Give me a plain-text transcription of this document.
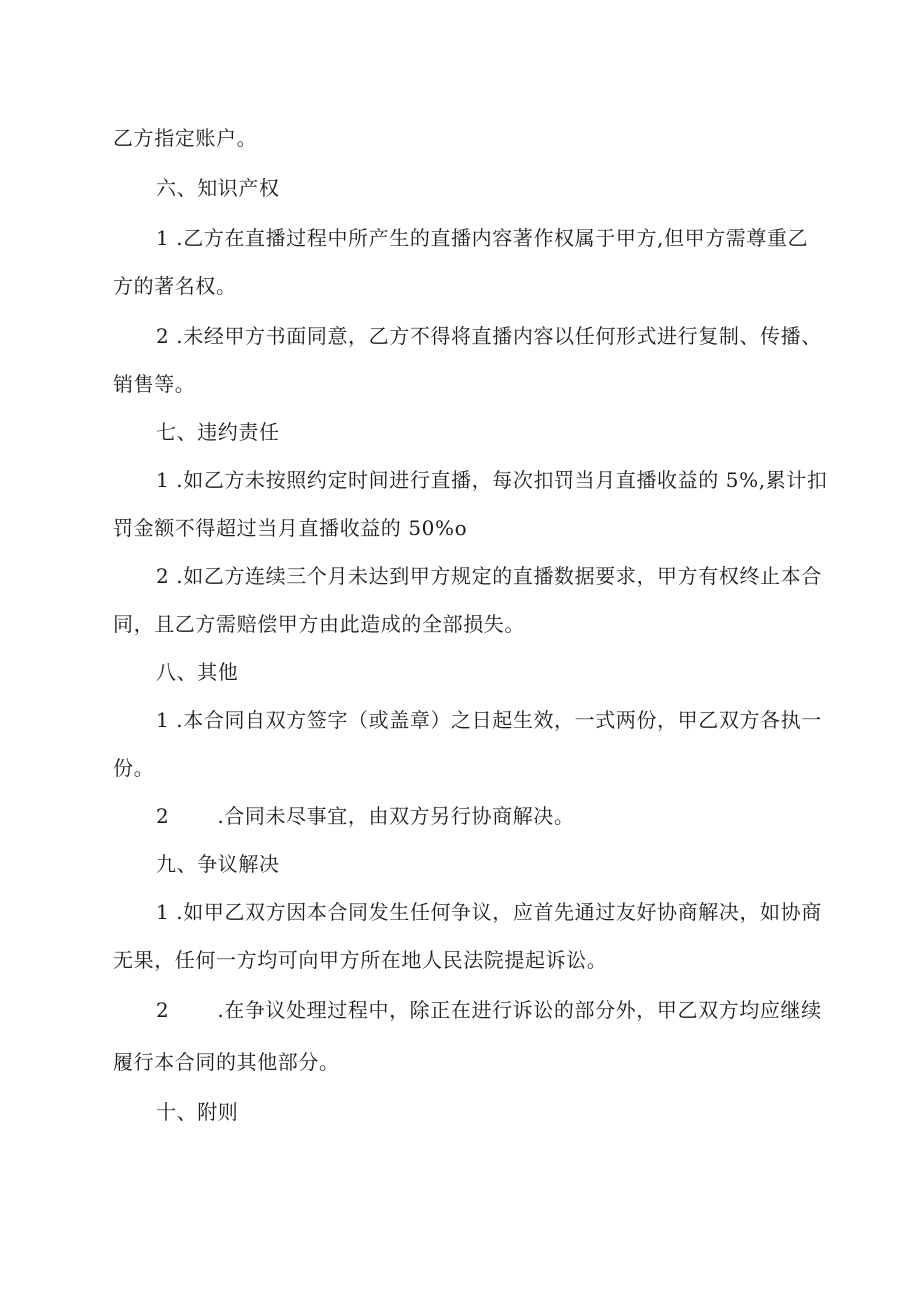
乙方指定账户。
六、知识产权
1 .乙方在直播过程中所产生的直播内容著作权属于甲方,但甲方需尊重乙
方的著名权。
2 .未经甲方书面同意，乙方不得将直播内容以任何形式进行复制、传播、
销售等。
七、违约责任
1 .如乙方未按照约定时间进行直播，每次扣罚当月直播收益的 5%,累计扣
罚金额不得超过当月直播收益的 50%o
2 .如乙方连续三个月未达到甲方规定的直播数据要求，甲方有权终止本合
同，且乙方需赔偿甲方由此造成的全部损失。
八、其他
1 .本合同自双方签字（或盖章）之日起生效，一式两份，甲乙双方各执一
份。
2 .合同未尽事宜，由双方另行协商解决。
九、争议解决
1 .如甲乙双方因本合同发生任何争议，应首先通过友好协商解决，如协商
无果，任何一方均可向甲方所在地人民法院提起诉讼。
2 .在争议处理过程中，除正在进行诉讼的部分外，甲乙双方均应继续
履行本合同的其他部分。
十、附则
